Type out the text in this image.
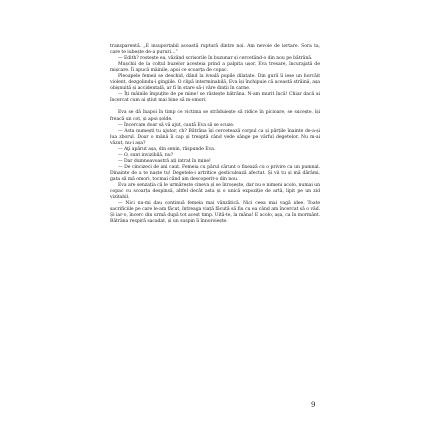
transparentă. „E insuportabil această ruptură dintre noi. Am nevoie de iertare. Sora ta, care te iubește de-a pururi…”

— Edith? rostește ea, văzând scrisorile în buzunar și cercetând-o din nou pe bătrână.

Mușchii de la colțul buzelor acesteia prind a palpita ușor. Eva tresare, încurajată de mișcare. Îi apucă mâinile, apoi ce scoarța de copac.

Pleoapele femeii se deschid, dând la iveală pupile dilatate. Din gură îi iese un horcăit violent, dezgolindu-i gingiile. O clipă interminabilă, Eva își închipuie că această străină, așa obișnuită și accidentală, ar fi în stare să-i vâre dinții în carne.

— Îți mâinile împuțite de pe mine! se răstește bătrâna. N-am murit încă! Chiar dacă ai încercat cum ai știut mai bine să m-omori.

Eva se dă înapoi în timp ce victima se străduiește să ridice în picioare, se sucește, își freacă un cot, și apoi șolde.

— Încercam doar să vă ajut, caută Eva să se scuze.

— Asta numești tu ajutor, ch? Bătrâna își cercetează corpul ca și părțile înainte de-a-și lua zborul. Doar o mână îi cap și treaptă când vede sânge pe vârful degetelor. Nu m-ai văzut, nu-i așa?

— Aţi apărut așa, din senin, răspunde Eva.

— O, sunt invizibilă, nu?

— Dar dumneavoastră ați intrat în mine!

— De cincizeci de ani caut. Femeia cu părul cărunt o fixează cu o privire ca un pumnal. Dinainte de a te naște tu! Degetele-i artritice gesticulează afectat. Și vii tu și mă dărâmi, gata să mă omori, tocmai când am descoperit-o din nou.

Eva are senzația că le urmărește cineva și se înroșește, dar nu e nimeni acolo, numai un copac cu scoarța despinsă, altfel decât asta și o unică expoziție de artă, lipit pe un zid vizitabil.

— Nici nu-mi dau continuă femeia mai vânzătică. Nici ceea mai vagă idee. Toate sacrificiile pe care le-am făcut, întreaga viață făcută să fiu cu ea când am încercat să o văd. Și iar-o, încerc din urmă după tot acest timp. Uită-te, la mâna! E acolo, așa, ca în mormânt. Bătrâna respiră sacadat, și un suspin îi înnoroiește.

9
